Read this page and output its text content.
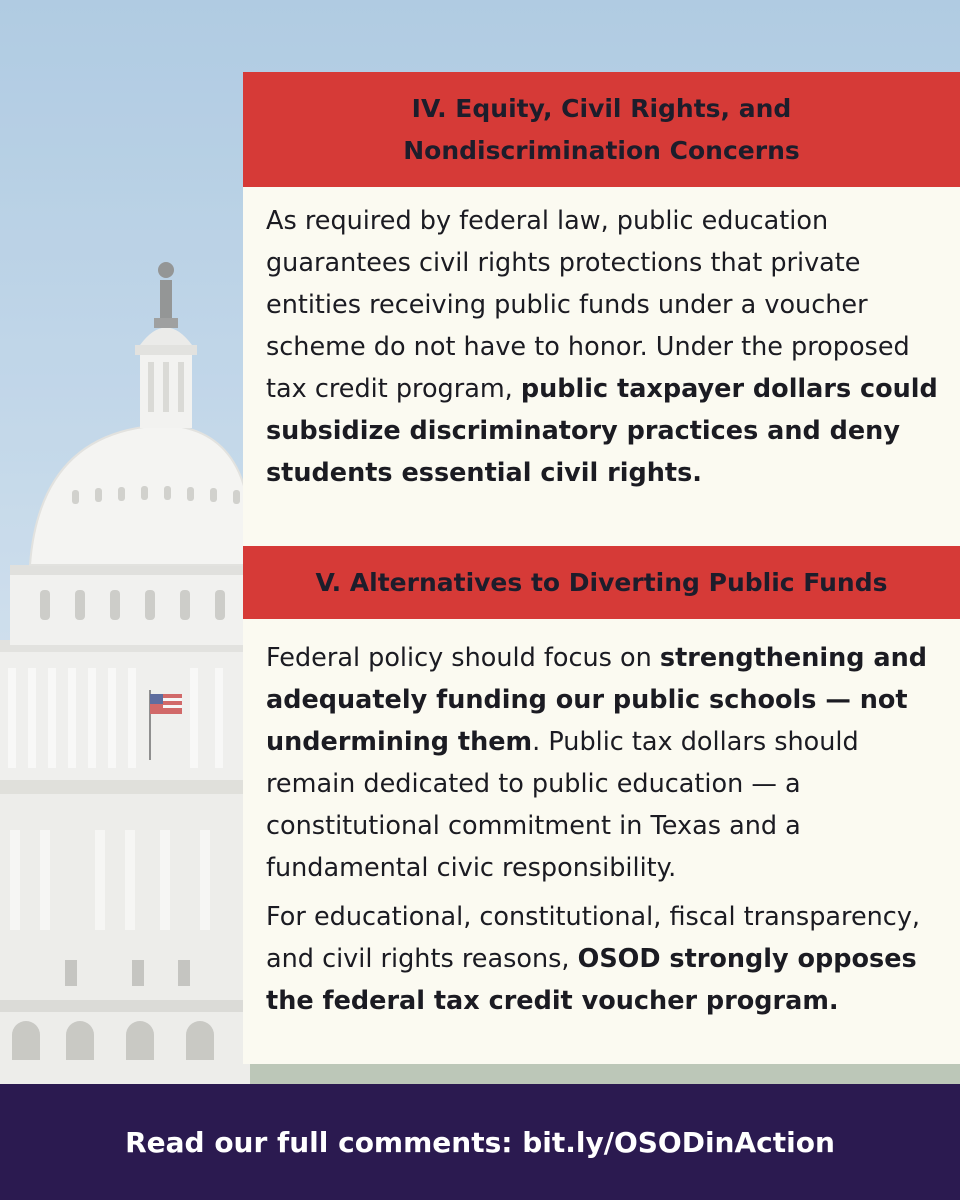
IV. Equity, Civil Rights, and
Nondiscrimination Concerns

As required by federal law, public education guarantees civil rights protections that private entities receiving public funds under a voucher scheme do not have to honor. Under the proposed tax credit program, public taxpayer dollars could subsidize discriminatory practices and deny students essential civil rights.

V. Alternatives to Diverting Public Funds

Federal policy should focus on strengthening and adequately funding our public schools — not undermining them. Public tax dollars should remain dedicated to public education — a constitutional commitment in Texas and a fundamental civic responsibility.

For educational, constitutional, fiscal transparency, and civil rights reasons, OSOD strongly opposes the federal tax credit voucher program.

Read our full comments: bit.ly/OSODinAction
